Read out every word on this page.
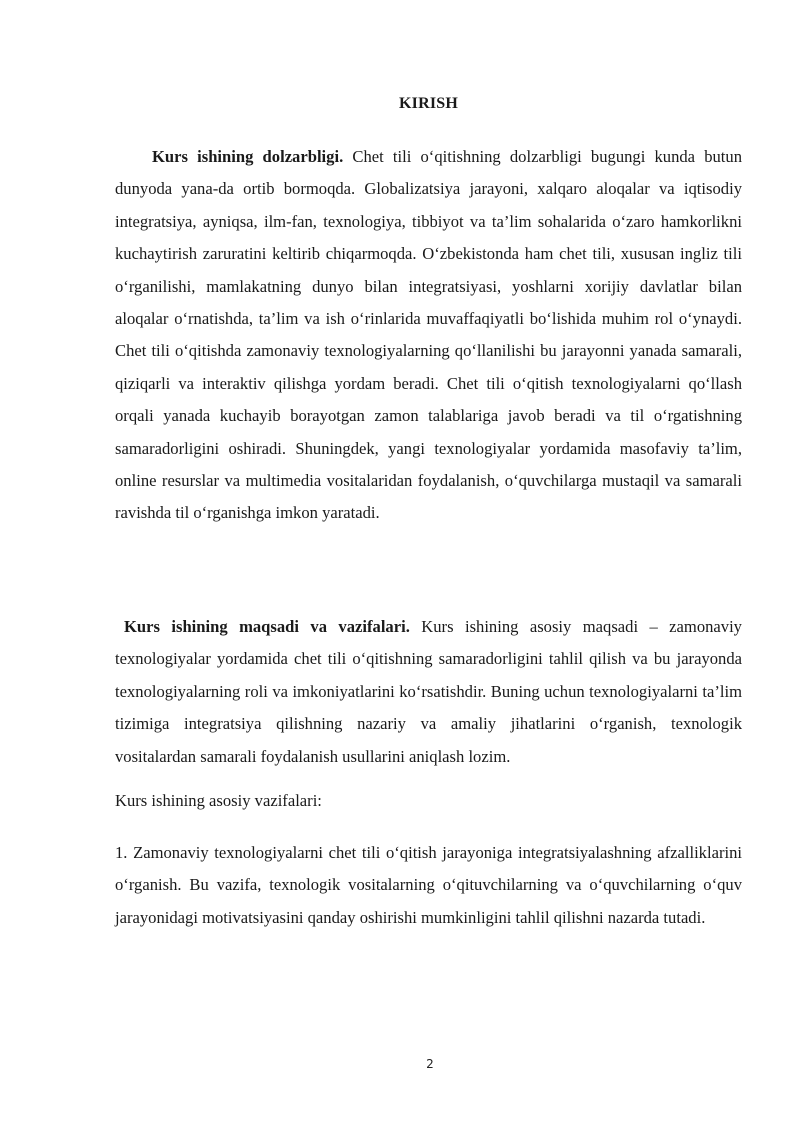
KIRISH

Kurs ishining dolzarbligi. Chet tili o‘qitishning dolzarbligi bugungi kunda butun dunyoda yana-da ortib bormoqda. Globalizatsiya jarayoni, xalqaro aloqalar va iqtisodiy integratsiya, ayniqsa, ilm-fan, texnologiya, tibbiyot va ta’lim sohalarida o‘zaro hamkorlikni kuchaytirish zaruratini keltirib chiqarmoqda. O‘zbekistonda ham chet tili, xususan ingliz tili o‘rganilishi, mamlakatning dunyo bilan integratsiyasi, yoshlarni xorijiy davlatlar bilan aloqalar o‘rnatishda, ta’lim va ish o‘rinlarida muvaffaqiyatli bo‘lishida muhim rol o‘ynaydi. Chet tili o‘qitishda zamonaviy texnologiyalarning qo‘llanilishi bu jarayonni yanada samarali, qiziqarli va interaktiv qilishga yordam beradi. Chet tili o‘qitish texnologiyalarni qo‘llash orqali yanada kuchayib borayotgan zamon talablariga javob beradi va til o‘rgatishning samaradorligini oshiradi. Shuningdek, yangi texnologiyalar yordamida masofaviy ta’lim, online resurslar va multimedia vositalaridan foydalanish, o‘quvchilarga mustaqil va samarali ravishda til o‘rganishga imkon yaratadi.

Kurs ishining maqsadi va vazifalari. Kurs ishining asosiy maqsadi – zamonaviy texnologiyalar yordamida chet tili o‘qitishning samaradorligini tahlil qilish va bu jarayonda texnologiyalarning roli va imkoniyatlarini ko‘rsatishdir. Buning uchun texnologiyalarni ta’lim tizimiga integratsiya qilishning nazariy va amaliy jihatlarini o‘rganish, texnologik vositalardan samarali foydalanish usullarini aniqlash lozim.

Kurs ishining asosiy vazifalari:

1. Zamonaviy texnologiyalarni chet tili o‘qitish jarayoniga integratsiyalashning afzalliklarini o‘rganish. Bu vazifa, texnologik vositalarning o‘qituvchilarning va o‘quvchilarning o‘quv jarayonidagi motivatsiyasini qanday oshirishi mumkinligini tahlil qilishni nazarda tutadi.

2
